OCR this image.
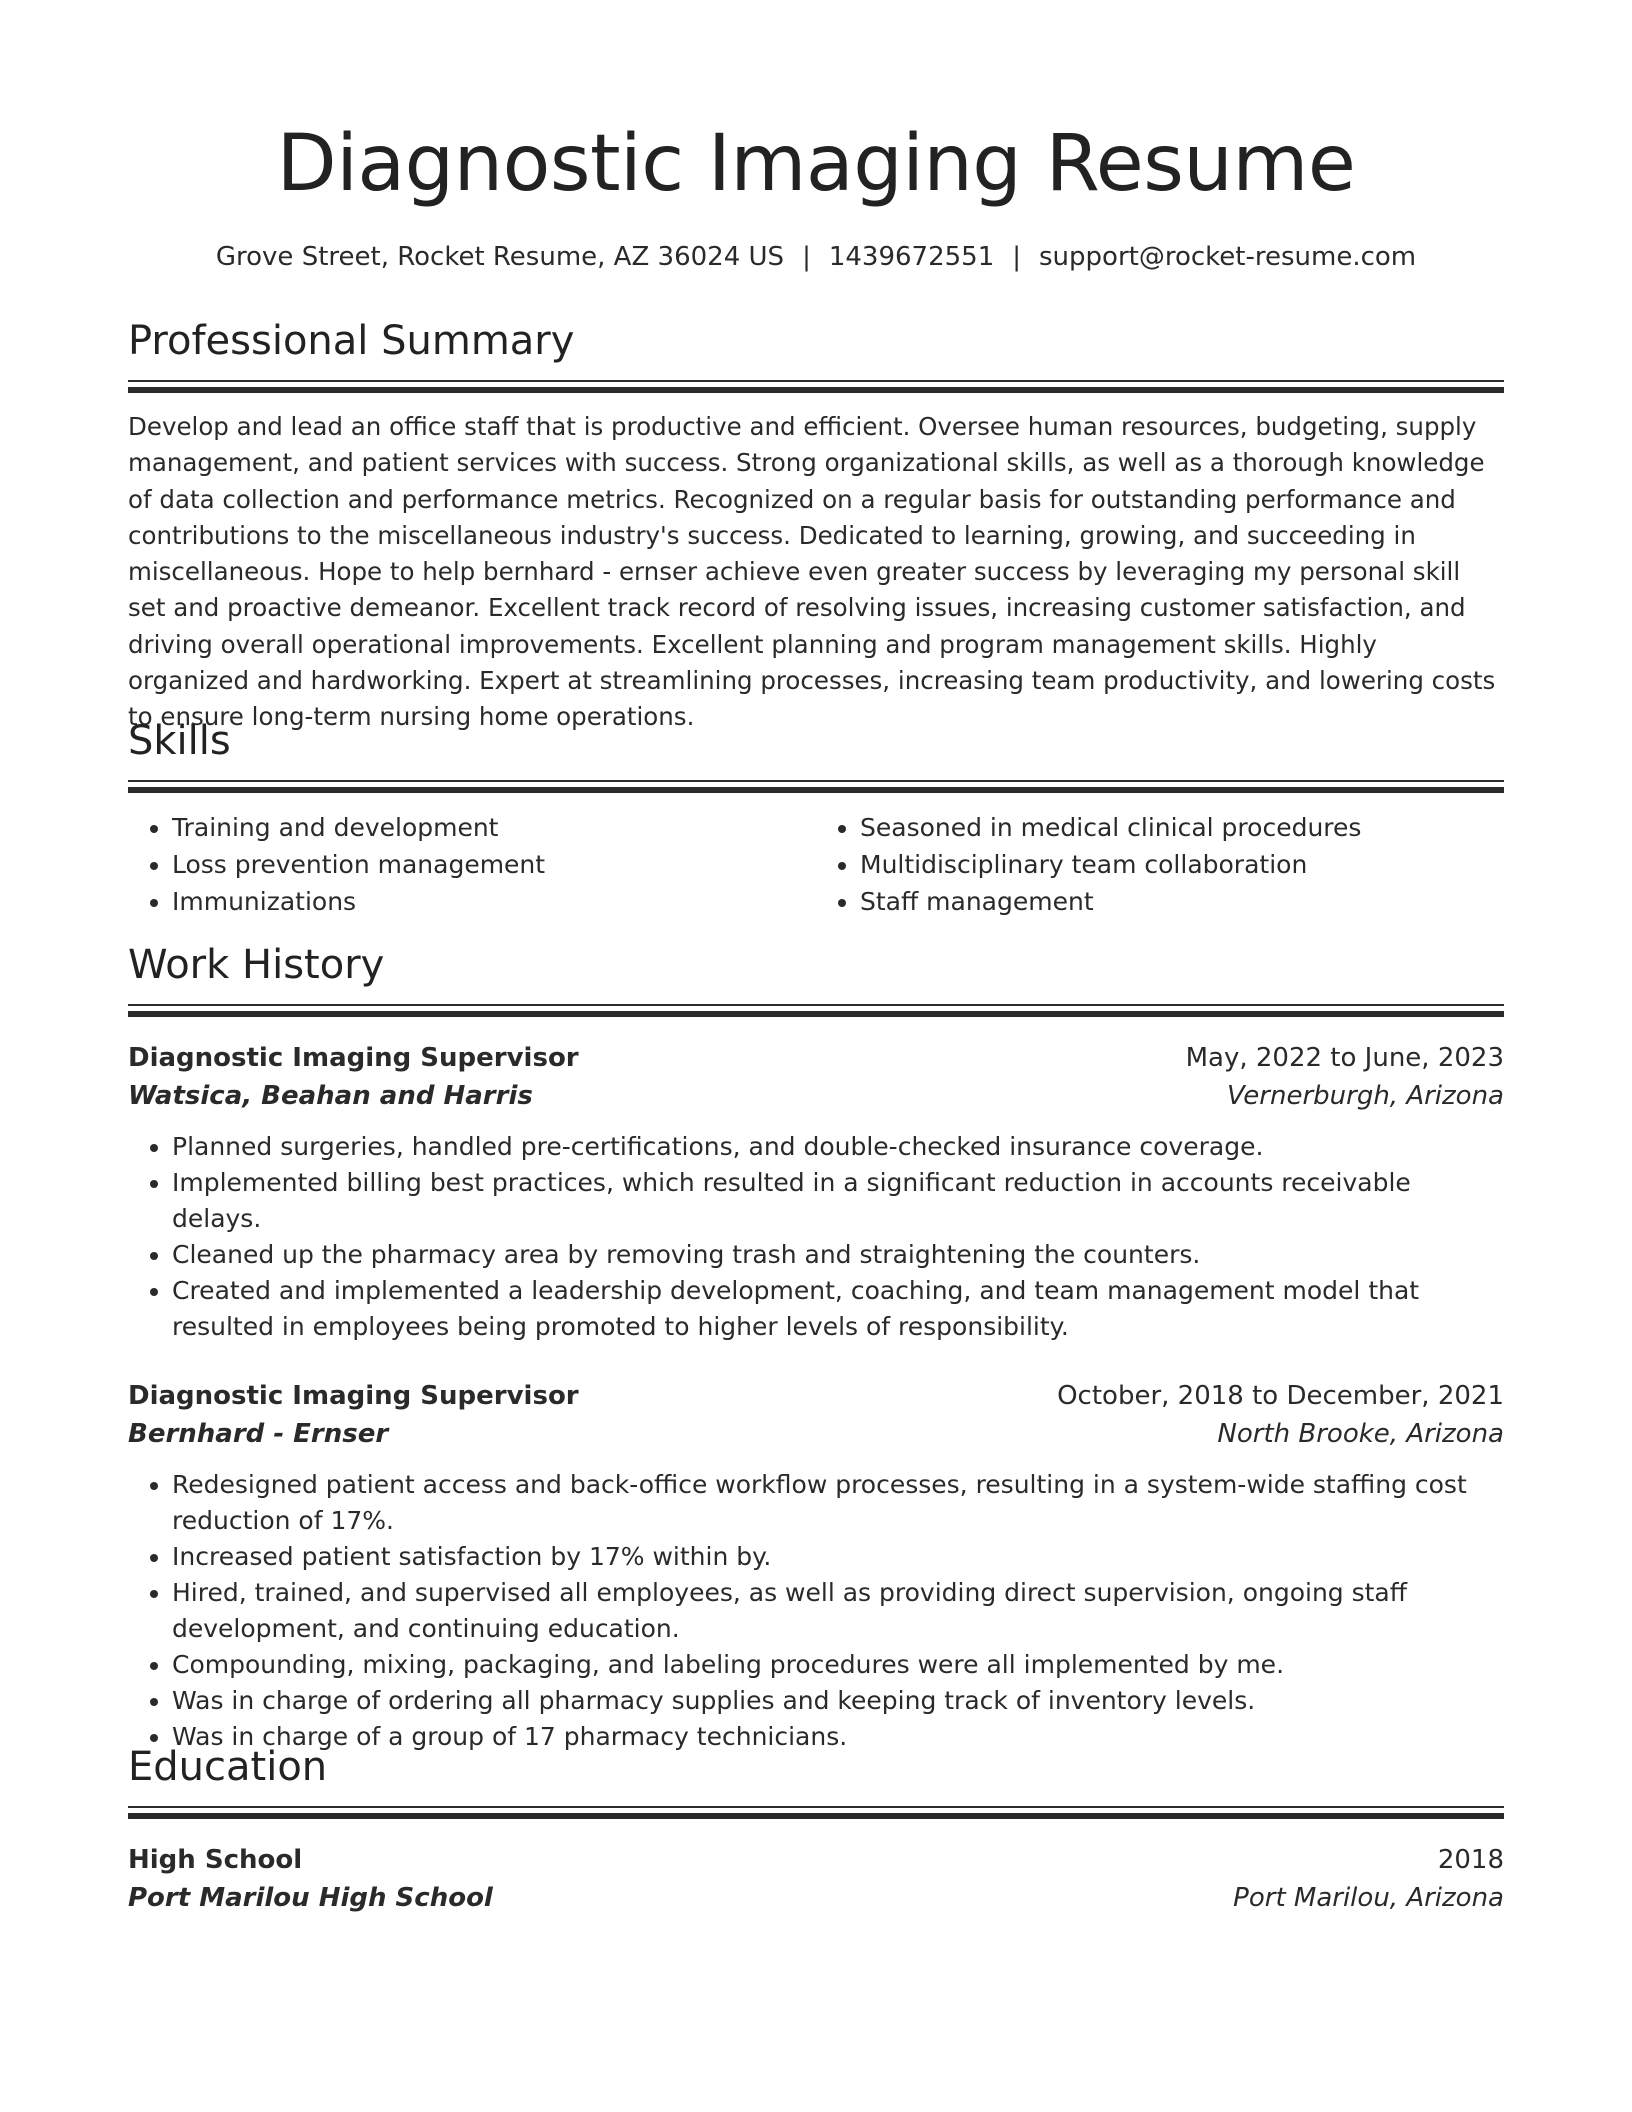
Diagnostic Imaging Resume
Grove Street, Rocket Resume, AZ 36024 US | 1439672551 | support@rocket-resume.com
Professional Summary
Develop and lead an office staff that is productive and efficient. Oversee human resources, budgeting, supply management, and patient services with success. Strong organizational skills, as well as a thorough knowledge of data collection and performance metrics. Recognized on a regular basis for outstanding performance and contributions to the miscellaneous industry's success. Dedicated to learning, growing, and succeeding in miscellaneous. Hope to help bernhard - ernser achieve even greater success by leveraging my personal skill set and proactive demeanor. Excellent track record of resolving issues, increasing customer satisfaction, and driving overall operational improvements. Excellent planning and program management skills. Highly organized and hardworking. Expert at streamlining processes, increasing team productivity, and lowering costs to ensure long-term nursing home operations.
Skills
• Training and development
• Loss prevention management
• Immunizations
• Seasoned in medical clinical procedures
• Multidisciplinary team collaboration
• Staff management
Work History
Diagnostic Imaging Supervisor	May, 2022 to June, 2023
Watsica, Beahan and Harris	Vernerburgh, Arizona
• Planned surgeries, handled pre-certifications, and double-checked insurance coverage.
• Implemented billing best practices, which resulted in a significant reduction in accounts receivable delays.
• Cleaned up the pharmacy area by removing trash and straightening the counters.
• Created and implemented a leadership development, coaching, and team management model that resulted in employees being promoted to higher levels of responsibility.
Diagnostic Imaging Supervisor	October, 2018 to December, 2021
Bernhard - Ernser	North Brooke, Arizona
• Redesigned patient access and back-office workflow processes, resulting in a system-wide staffing cost reduction of 17%.
• Increased patient satisfaction by 17% within by.
• Hired, trained, and supervised all employees, as well as providing direct supervision, ongoing staff development, and continuing education.
• Compounding, mixing, packaging, and labeling procedures were all implemented by me.
• Was in charge of ordering all pharmacy supplies and keeping track of inventory levels.
• Was in charge of a group of 17 pharmacy technicians.
Education
High School	2018
Port Marilou High School	Port Marilou, Arizona
